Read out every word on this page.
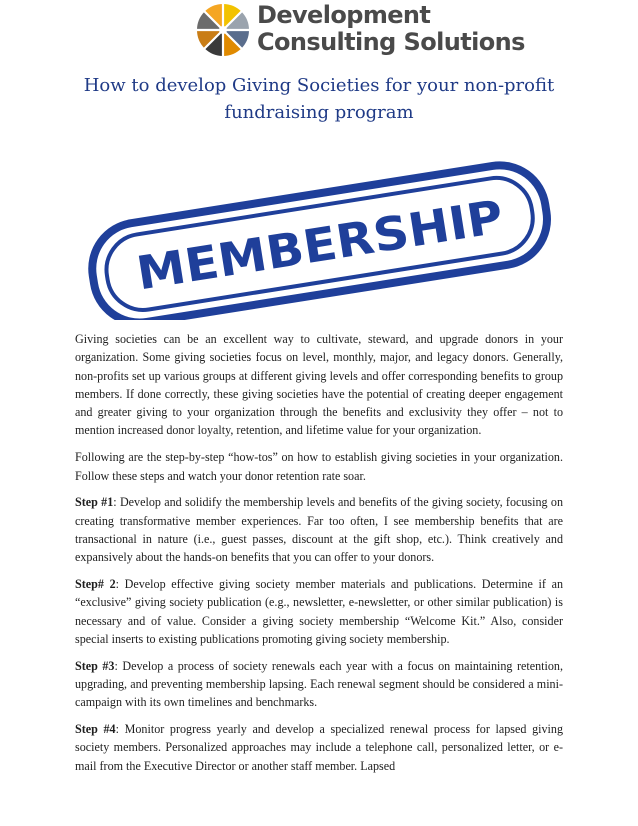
Development
Consulting Solutions
How to develop Giving Societies for your non-profit
fundraising program
MEMBERSHIP

Giving societies can be an excellent way to cultivate, steward, and upgrade donors in your organization. Some giving societies focus on level, monthly, major, and legacy donors. Generally, non-profits set up various groups at different giving levels and offer corresponding benefits to group members. If done correctly, these giving societies have the potential of creating deeper engagement and greater giving to your organization through the benefits and exclusivity they offer – not to mention increased donor loyalty, retention, and lifetime value for your organization.

Following are the step-by-step “how-tos” on how to establish giving societies in your organization. Follow these steps and watch your donor retention rate soar.

Step #1: Develop and solidify the membership levels and benefits of the giving society, focusing on creating transformative member experiences. Far too often, I see membership benefits that are transactional in nature (i.e., guest passes, discount at the gift shop, etc.). Think creatively and expansively about the hands-on benefits that you can offer to your donors.

Step# 2: Develop effective giving society member materials and publications. Determine if an “exclusive” giving society publication (e.g., newsletter, e-newsletter, or other similar publication) is necessary and of value. Consider a giving society membership “Welcome Kit.” Also, consider special inserts to existing publications promoting giving society membership.

Step #3: Develop a process of society renewals each year with a focus on maintaining retention, upgrading, and preventing membership lapsing. Each renewal segment should be considered a mini-campaign with its own timelines and benchmarks.

Step #4: Monitor progress yearly and develop a specialized renewal process for lapsed giving society members. Personalized approaches may include a telephone call, personalized letter, or e-mail from the Executive Director or another staff member. Lapsed
